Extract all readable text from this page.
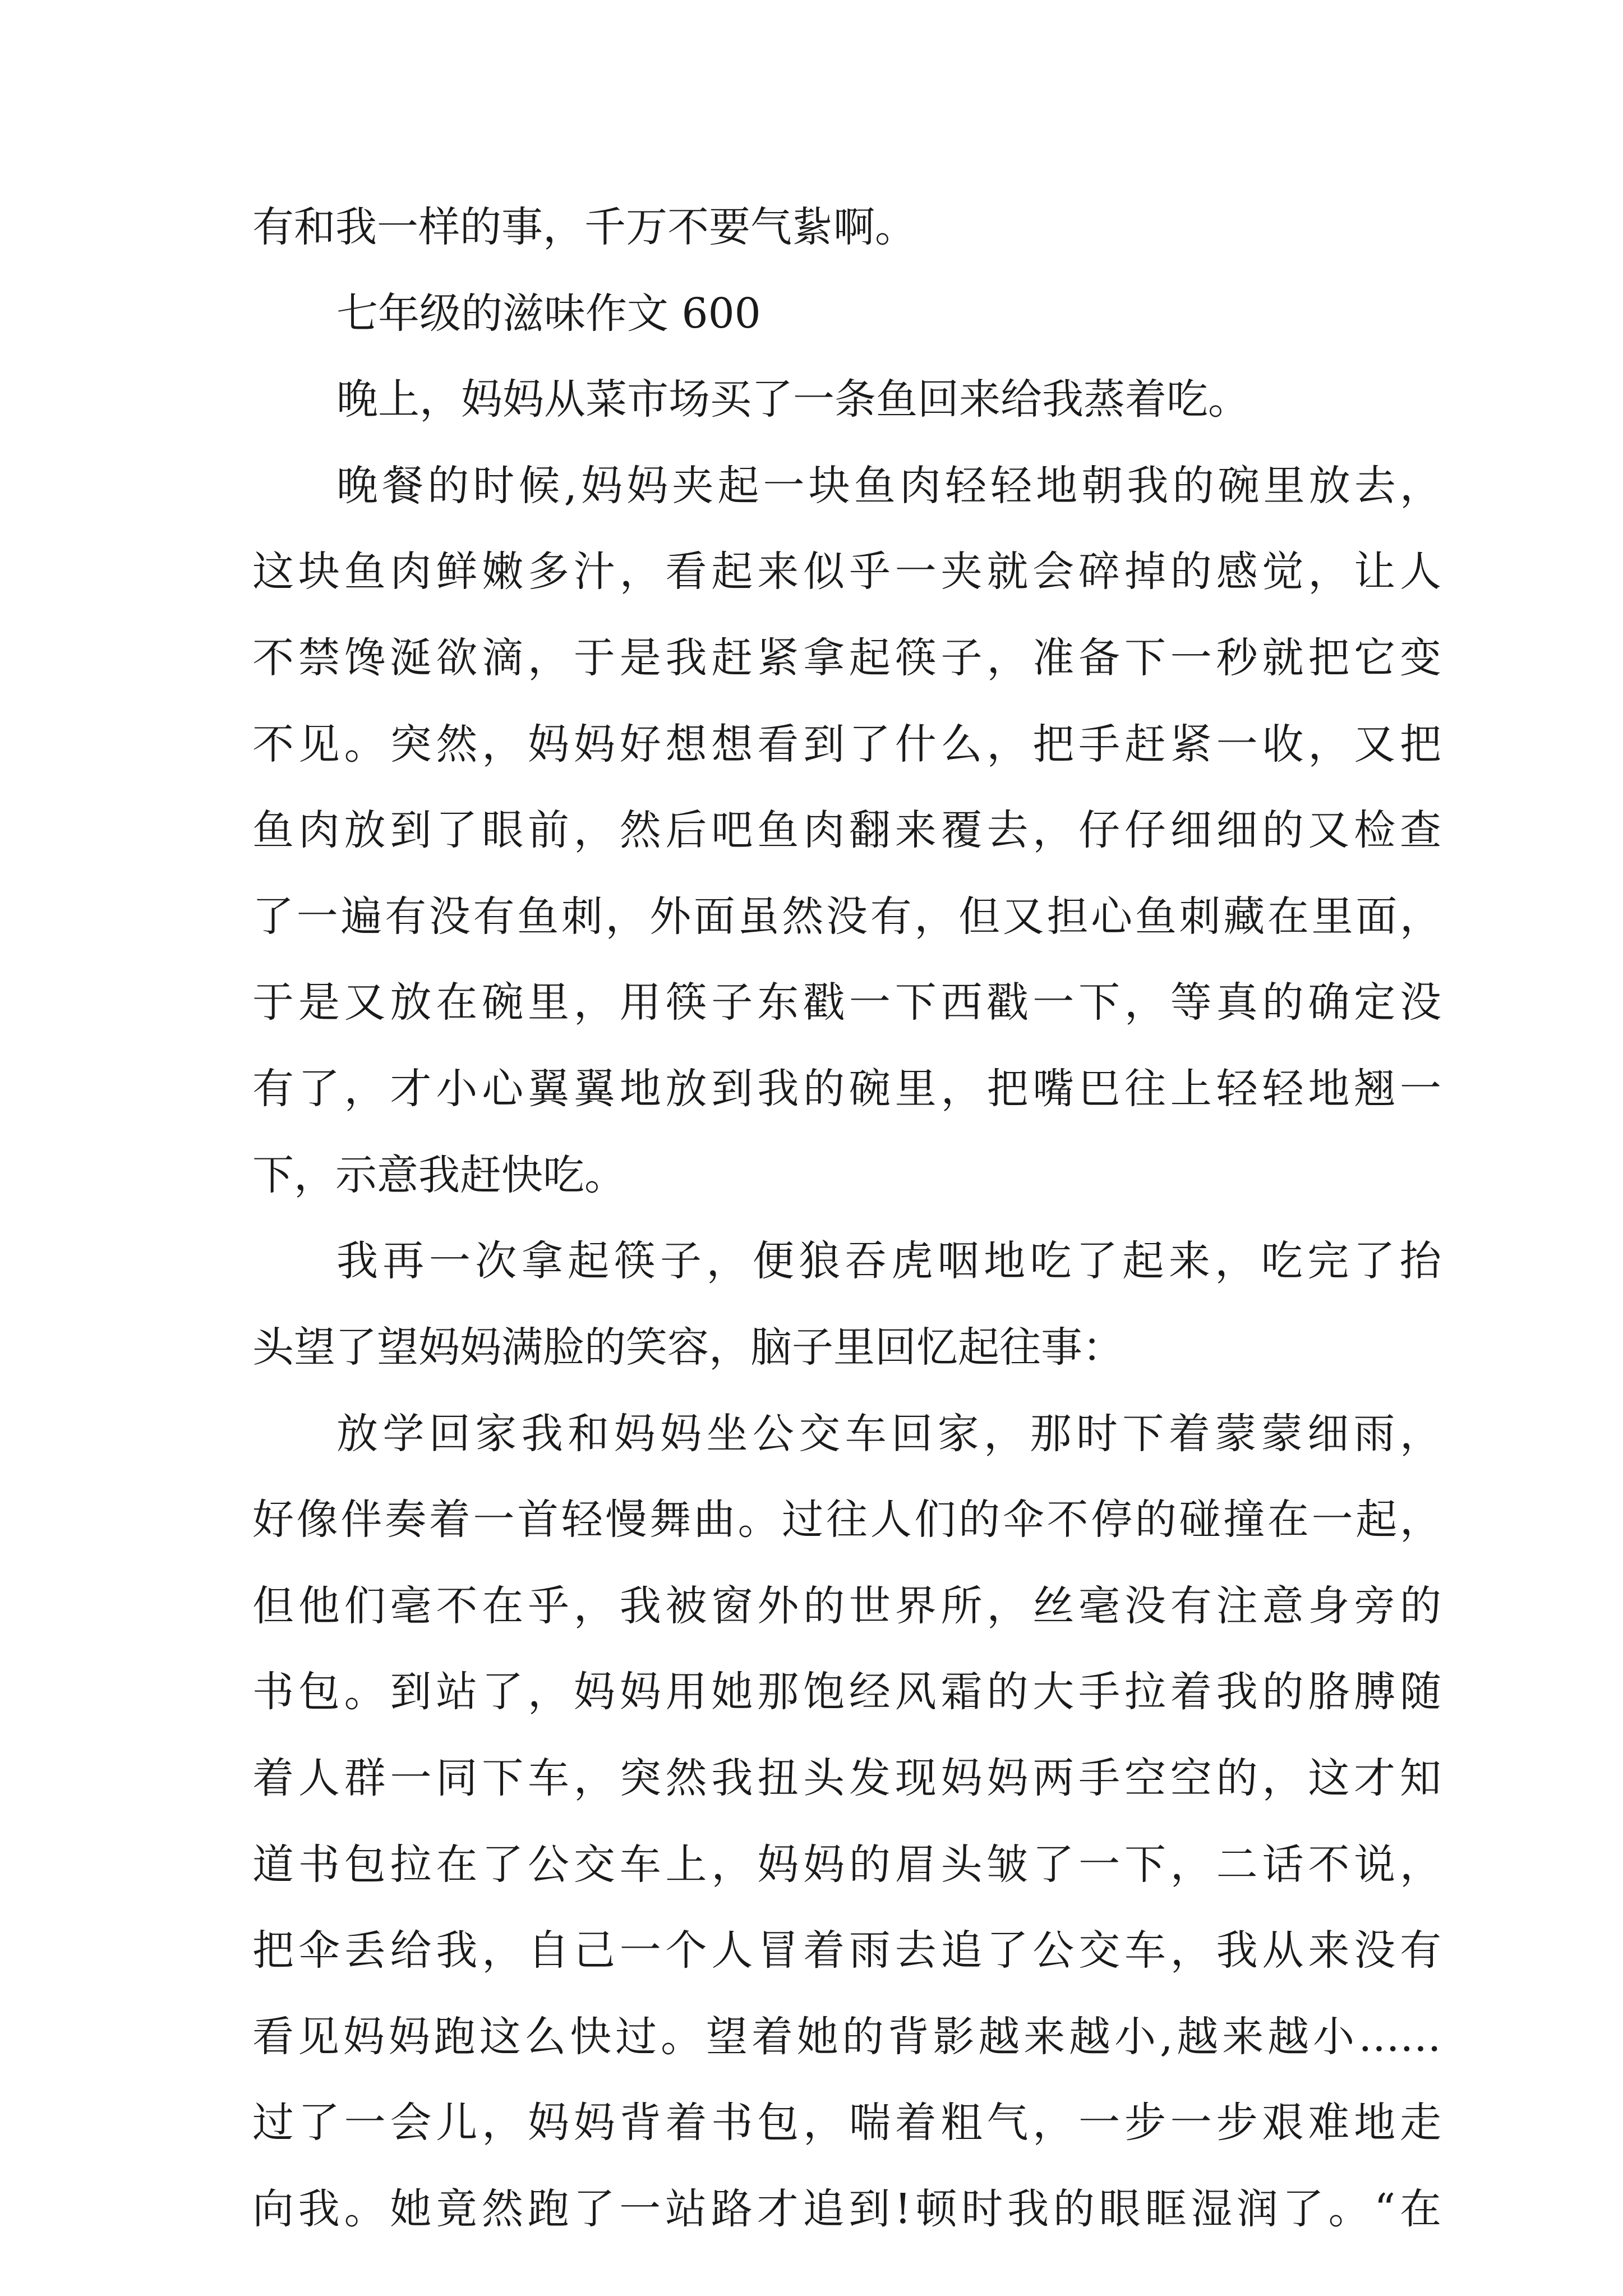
有和我一样的事，千万不要气紥啊。
七年级的滋味作文 600
晚上，妈妈从菜市场买了一条鱼回来给我蒸着吃。
晚餐的时候,妈妈夹起一块鱼肉轻轻地朝我的碗里放去，
这块鱼肉鲜嫩多汁，看起来似乎一夹就会碎掉的感觉，让人
不禁馋涎欲滴，于是我赶紧拿起筷子，准备下一秒就把它变
不见。突然，妈妈好想想看到了什么，把手赶紧一收，又把
鱼肉放到了眼前，然后吧鱼肉翻来覆去，仔仔细细的又检查
了一遍有没有鱼刺，外面虽然没有，但又担心鱼刺藏在里面，
于是又放在碗里，用筷子东戳一下西戳一下，等真的确定没
有了，才小心翼翼地放到我的碗里，把嘴巴往上轻轻地翘一
下，示意我赶快吃。
我再一次拿起筷子，便狼吞虎咽地吃了起来，吃完了抬
头望了望妈妈满脸的笑容，脑子里回忆起往事：
放学回家我和妈妈坐公交车回家，那时下着蒙蒙细雨，
好像伴奏着一首轻慢舞曲。过往人们的伞不停的碰撞在一起，
但他们毫不在乎，我被窗外的世界所，丝毫没有注意身旁的
书包。到站了，妈妈用她那饱经风霜的大手拉着我的胳膊随
着人群一同下车，突然我扭头发现妈妈两手空空的，这才知
道书包拉在了公交车上，妈妈的眉头皱了一下，二话不说，
把伞丢给我，自己一个人冒着雨去追了公交车，我从来没有
看见妈妈跑这么快过。望着她的背影越来越小,越来越小……
过了一会儿，妈妈背着书包，喘着粗气，一步一步艰难地走
向我。她竟然跑了一站路才追到!顿时我的眼眶湿润了。“在
